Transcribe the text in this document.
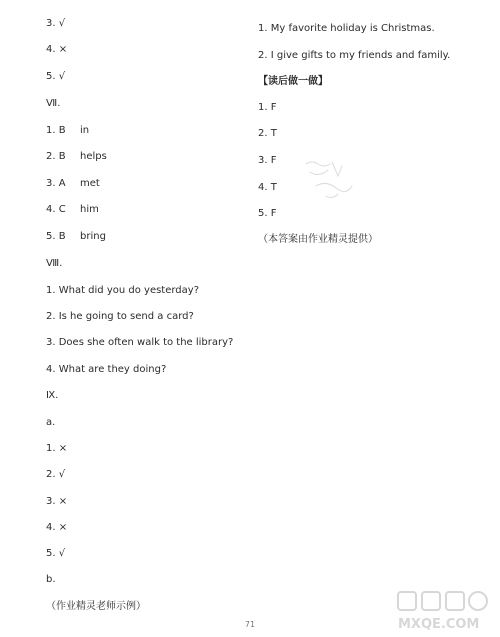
3. √
4. ×
5. √
Ⅶ.
1. B in
2. B helps
3. A met
4. C him
5. B bring
Ⅷ.
1. What did you do yesterday?
2. Is he going to send a card?
3. Does she often walk to the library?
4. What are they doing?
Ⅸ.
a.
1. ×
2. √
3. ×
4. ×
5. √
b.
（作业精灵老师示例）
1. My favorite holiday is Christmas.
2. I give gifts to my friends and family.
【读后做一做】
1. F
2. T
3. F
4. T
5. F
（本答案由作业精灵提供）
MXQE.COM
71
